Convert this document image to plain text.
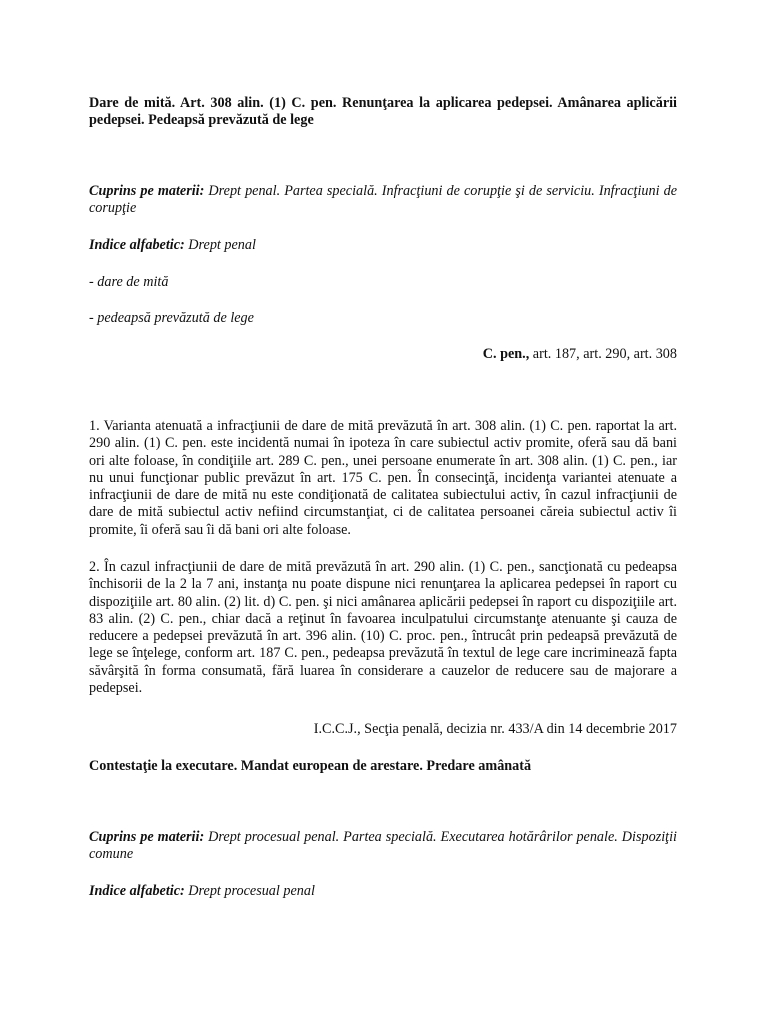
Dare de mită. Art. 308 alin. (1) C. pen. Renunţarea la aplicarea pedepsei. Amânarea aplicării pedepsei. Pedeapsă prevăzută de lege

Cuprins pe materii: Drept penal. Partea specială. Infracţiuni de corupţie şi de serviciu. Infracţiuni de corupţie

Indice alfabetic: Drept penal

- dare de mită

- pedeapsă prevăzută de lege

C. pen., art. 187, art. 290, art. 308

1. Varianta atenuată a infracţiunii de dare de mită prevăzută în art. 308 alin. (1) C. pen. raportat la art. 290 alin. (1) C. pen. este incidentă numai în ipoteza în care subiectul activ promite, oferă sau dă bani ori alte foloase, în condiţiile art. 289 C. pen., unei persoane enumerate în art. 308 alin. (1) C. pen., iar nu unui funcţionar public prevăzut în art. 175 C. pen. În consecinţă, incidenţa variantei atenuate a infracţiunii de dare de mită nu este condiţionată de calitatea subiectului activ, în cazul infracţiunii de dare de mită subiectul activ nefiind circumstanţiat, ci de calitatea persoanei căreia subiectul activ îi promite, îi oferă sau îi dă bani ori alte foloase.

2. În cazul infracţiunii de dare de mită prevăzută în art. 290 alin. (1) C. pen., sancţionată cu pedeapsa închisorii de la 2 la 7 ani, instanţa nu poate dispune nici renunţarea la aplicarea pedepsei în raport cu dispoziţiile art. 80 alin. (2) lit. d) C. pen. şi nici amânarea aplicării pedepsei în raport cu dispoziţiile art. 83 alin. (2) C. pen., chiar dacă a reţinut în favoarea inculpatului circumstanţe atenuante şi cauza de reducere a pedepsei prevăzută în art. 396 alin. (10) C. proc. pen., întrucât prin pedeapsă prevăzută de lege se înţelege, conform art. 187 C. pen., pedeapsa prevăzută în textul de lege care incriminează fapta săvârşită în forma consumată, fără luarea în considerare a cauzelor de reducere sau de majorare a pedepsei.

I.C.C.J., Secţia penală, decizia nr. 433/A din 14 decembrie 2017

Contestaţie la executare. Mandat european de arestare. Predare amânată

Cuprins pe materii: Drept procesual penal. Partea specială. Executarea hotărârilor penale. Dispoziţii comune

Indice alfabetic: Drept procesual penal
